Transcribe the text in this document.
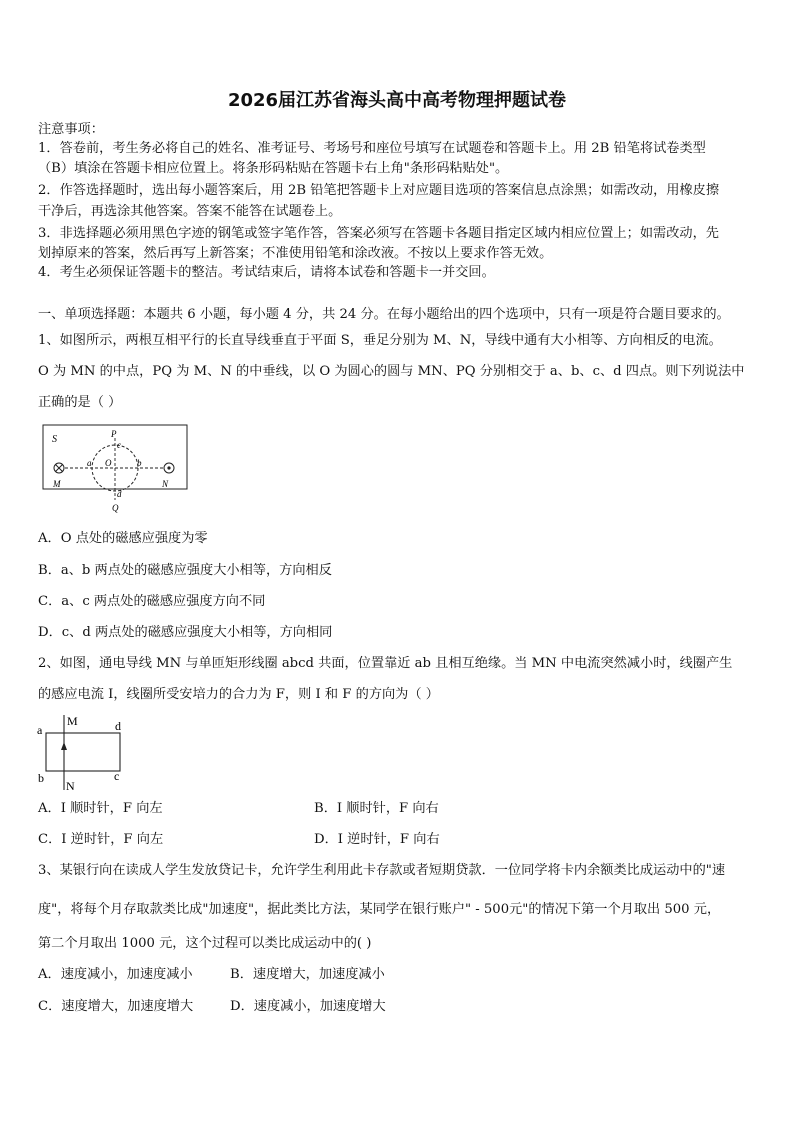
2026届江苏省海头高中高考物理押题试卷
注意事项：
1．答卷前，考生务必将自己的姓名、准考证号、考场号和座位号填写在试题卷和答题卡上。用 2B 铅笔将试卷类型
（B）填涂在答题卡相应位置上。将条形码粘贴在答题卡右上角"条形码粘贴处"。
2．作答选择题时，选出每小题答案后，用 2B 铅笔把答题卡上对应题目选项的答案信息点涂黑；如需改动，用橡皮擦
干净后，再选涂其他答案。答案不能答在试题卷上。
3．非选择题必须用黑色字迹的钢笔或签字笔作答，答案必须写在答题卡各题目指定区域内相应位置上；如需改动，先
划掉原来的答案，然后再写上新答案；不准使用铅笔和涂改液。不按以上要求作答无效。
4．考生必须保证答题卡的整洁。考试结束后，请将本试卷和答题卡一并交回。
一、单项选择题：本题共 6 小题，每小题 4 分，共 24 分。在每小题给出的四个选项中，只有一项是符合题目要求的。
1、如图所示，两根互相平行的长直导线垂直于平面 S，垂足分别为 M、N，导线中通有大小相等、方向相反的电流。
O 为 MN 的中点，PQ 为 M、N 的中垂线，以 O 为圆心的圆与 MN、PQ 分别相交于 a、b、c、d 四点。则下列说法中
正确的是（ ）
S
M	N
P
Q
O
a	b
c
d
A．O 点处的磁感应强度为零
B．a、b 两点处的磁感应强度大小相等，方向相反
C．a、c 两点处的磁感应强度方向不同
D．c、d 两点处的磁感应强度大小相等，方向相同
2、如图，通电导线 MN 与单匝矩形线圈 abcd 共面，位置靠近 ab 且相互绝缘。当 MN 中电流突然减小时，线圈产生
的感应电流 I，线圈所受安培力的合力为 F，则 I 和 F 的方向为（ ）
M
N
a
b	c
d
A．I 顺时针，F 向左	B．I 顺时针，F 向右
C．I 逆时针，F 向左	D．I 逆时针，F 向右
3、某银行向在读成人学生发放贷记卡，允许学生利用此卡存款或者短期贷款．一位同学将卡内余额类比成运动中的"速
度"，将每个月存取款类比成"加速度"，据此类比方法，某同学在银行账户" - 500元"的情况下第一个月取出 500 元，
第二个月取出 1000 元，这个过程可以类比成运动中的( )
A．速度减小，加速度减小	B．速度增大，加速度减小
C．速度增大，加速度增大	D．速度减小，加速度增大
